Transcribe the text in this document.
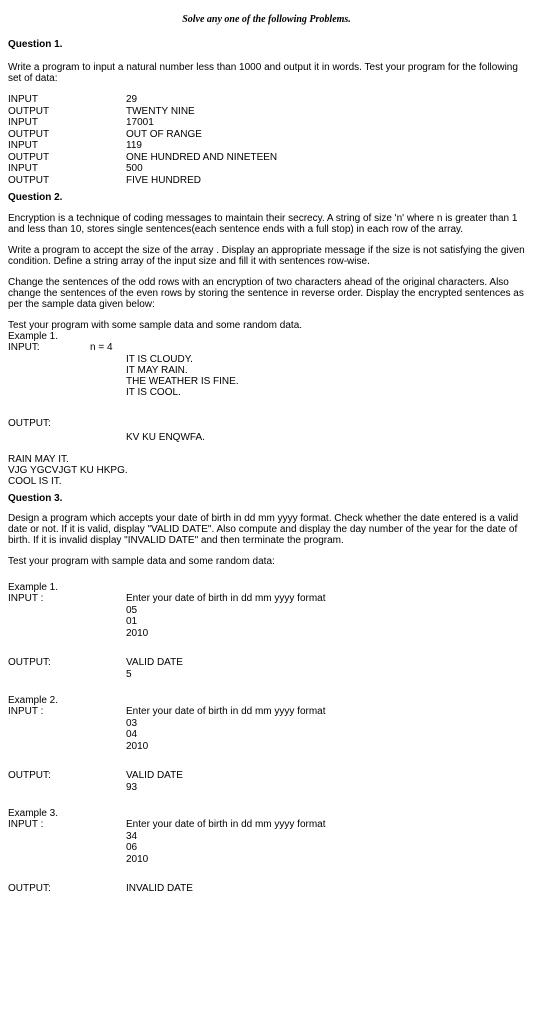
Solve any one of the following Problems.
Question 1.

Write a program to input a natural number less than 1000 and output it in words. Test your program for the following set of data:

INPUT	29
OUTPUT	TWENTY NINE
INPUT	17001
OUTPUT	OUT OF RANGE
INPUT	119
OUTPUT	ONE HUNDRED AND NINETEEN
INPUT	500
OUTPUT	FIVE HUNDRED
Question 2.

Encryption is a technique of coding messages to maintain their secrecy. A string of size 'n' where n is greater than 1 and less than 10, stores single sentences(each sentence ends with a full stop) in each row of the array.

Write a program to accept the size of the array . Display an appropriate message if the size is not satisfying the given condition. Define a string array of the input size and fill it with sentences row-wise.

Change the sentences of the odd rows with an encryption of two characters ahead of the original characters. Also change the sentences of the even rows by storing the sentence in reverse order. Display the encrypted sentences as per the sample data given below:

Test your program with some sample data and some random data.
Example 1.
INPUT:	n = 4
IT IS CLOUDY.
IT MAY RAIN.
THE WEATHER IS FINE.
IT IS COOL.
OUTPUT:
KV KU ENQWFA.
RAIN MAY IT.
VJG YGCVJGT KU HKPG.
COOL IS IT.
Question 3.

Design a program which accepts your date of birth in dd mm yyyy format. Check whether the date entered is a valid date or not. If it is valid, display "VALID DATE". Also compute and display the day number of the year for the date of birth. If it is invalid display "INVALID DATE" and then terminate the program.

Test your program with sample data and some random data:

Example 1.
INPUT :	Enter your date of birth in dd mm yyyy format
05
01
2010
OUTPUT:	VALID DATE
5
Example 2.
INPUT :	Enter your date of birth in dd mm yyyy format
03
04
2010
OUTPUT:	VALID DATE
93
Example 3.
INPUT :	Enter your date of birth in dd mm yyyy format
34
06
2010
OUTPUT:	INVALID DATE
